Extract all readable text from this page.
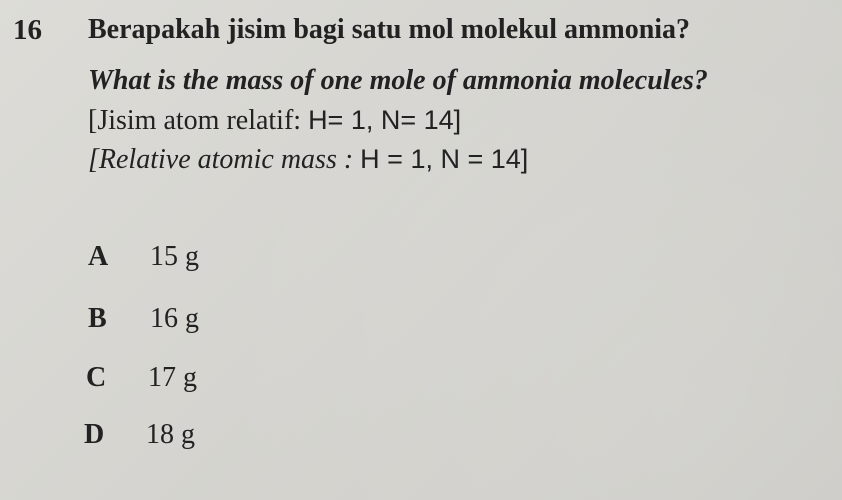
16 Berapakah jisim bagi satu mol molekul ammonia?
What is the mass of one mole of ammonia molecules?
[Jisim atom relatif: H= 1, N= 14]
[Relative atomic mass : H = 1, N = 14]
A 15 g
B 16 g
C 17 g
D 18 g
